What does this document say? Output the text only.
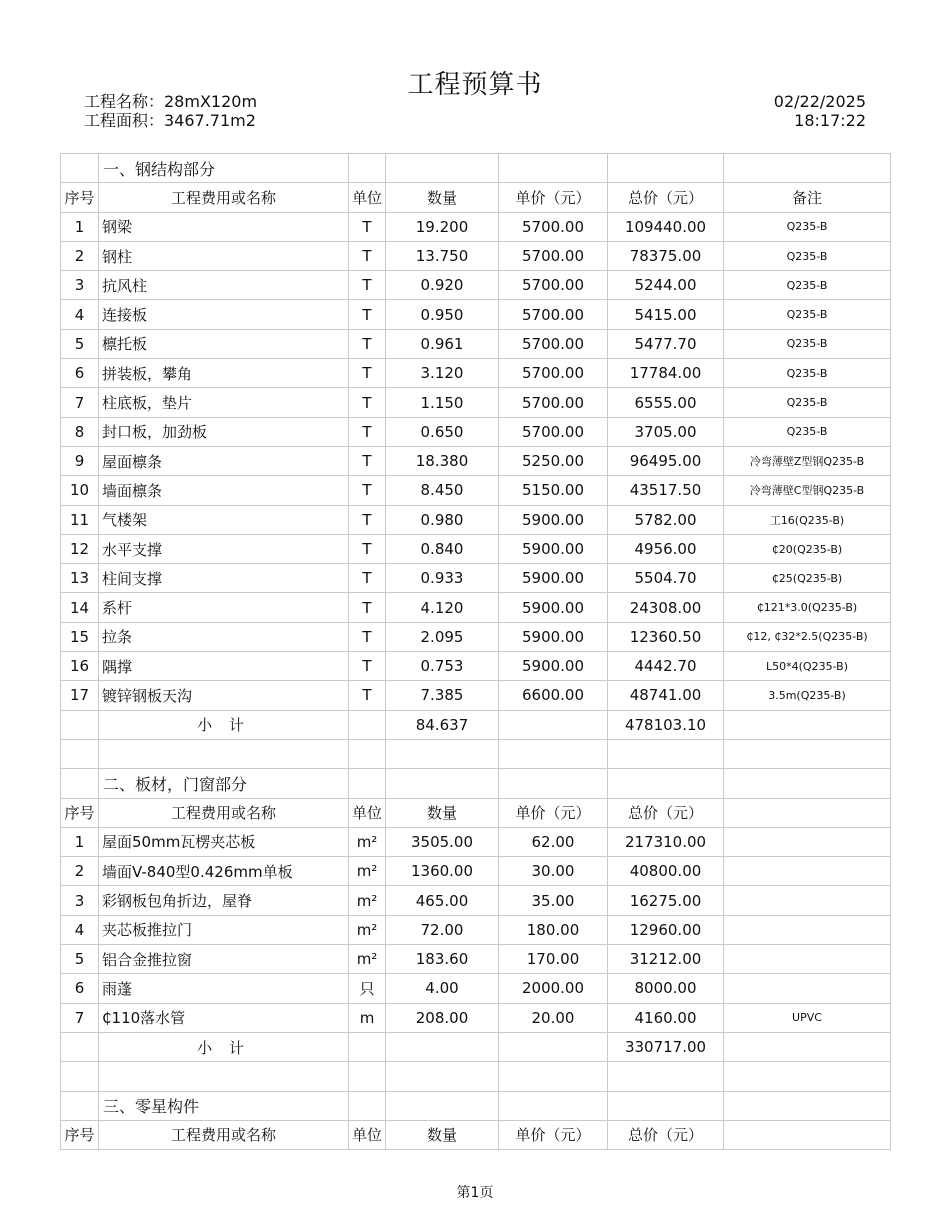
工程预算书
工程名称：28mX120m
工程面积：3467.71m2
02/22/2025
18:17:22
	一、钢结构部分					
序号	工程费用或名称	单位	数量	单价（元）	总价（元）	备注
1	钢梁	T	19.200	5700.00	109440.00	Q235-B
2	钢柱	T	13.750	5700.00	78375.00	Q235-B
3	抗风柱	T	0.920	5700.00	5244.00	Q235-B
4	连接板	T	0.950	5700.00	5415.00	Q235-B
5	檩托板	T	0.961	5700.00	5477.70	Q235-B
6	拼装板，攀角	T	3.120	5700.00	17784.00	Q235-B
7	柱底板，垫片	T	1.150	5700.00	6555.00	Q235-B
8	封口板，加劲板	T	0.650	5700.00	3705.00	Q235-B
9	屋面檩条	T	18.380	5250.00	96495.00	冷弯薄壁Z型钢Q235-B
10	墙面檩条	T	8.450	5150.00	43517.50	冷弯薄壁C型钢Q235-B
11	气楼架	T	0.980	5900.00	5782.00	工16(Q235-B)
12	水平支撑	T	0.840	5900.00	4956.00	₵20(Q235-B)
13	柱间支撑	T	0.933	5900.00	5504.70	₵25(Q235-B)
14	系杆	T	4.120	5900.00	24308.00	₵121*3.0(Q235-B)
15	拉条	T	2.095	5900.00	12360.50	₵12, ₵32*2.5(Q235-B)
16	隅撑	T	0.753	5900.00	4442.70	L50*4(Q235-B)
17	镀锌钢板天沟	T	7.385	6600.00	48741.00	3.5m(Q235-B)
	小 计		84.637		478103.10	

	二、板材，门窗部分					
序号	工程费用或名称	单位	数量	单价（元）	总价（元）	
1	屋面50mm瓦楞夹芯板	m²	3505.00	62.00	217310.00	
2	墙面V-840型0.426mm单板	m²	1360.00	30.00	40800.00	
3	彩钢板包角折边，屋脊	m²	465.00	35.00	16275.00	
4	夹芯板推拉门	m²	72.00	180.00	12960.00	
5	铝合金推拉窗	m²	183.60	170.00	31212.00	
6	雨蓬	只	4.00	2000.00	8000.00	
7	₵110落水管	m	208.00	20.00	4160.00	UPVC
	小 计				330717.00	

	三、零星构件					
序号	工程费用或名称	单位	数量	单价（元）	总价（元）	
第1页
